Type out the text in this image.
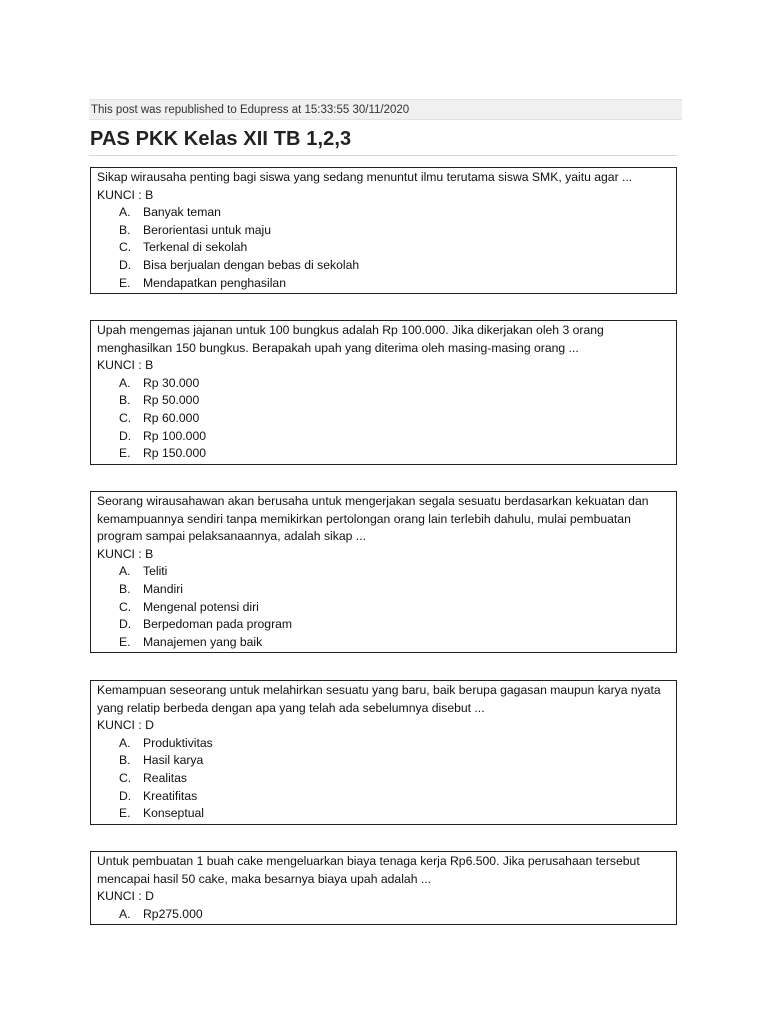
This post was republished to Edupress at 15:33:55 30/11/2020
PAS PKK Kelas XII TB 1,2,3

Sikap wirausaha penting bagi siswa yang sedang menuntut ilmu terutama siswa SMK, yaitu agar ...

KUNCI : B

A.	Banyak teman
B.	Berorientasi untuk maju
C. Terkenal di sekolah
D. Bisa berjualan dengan bebas di sekolah
E.	Mendapatkan penghasilan

Upah mengemas jajanan untuk 100 bungkus adalah Rp 100.000. Jika dikerjakan oleh 3 orang menghasilkan 150 bungkus. Berapakah upah yang diterima oleh masing-masing orang ...

KUNCI : B

A.	Rp 30.000
B.	Rp 50.000
C. Rp 60.000
D. Rp 100.000
E.	Rp 150.000

Seorang wirausahawan akan berusaha untuk mengerjakan segala sesuatu berdasarkan kekuatan dan kemampuannya sendiri tanpa memikirkan pertolongan orang lain terlebih dahulu, mulai pembuatan program sampai pelaksanaannya, adalah sikap ...

KUNCI : B

A.	Teliti
B.	Mandiri
C. Mengenal potensi diri
D. Berpedoman pada program
E.	Manajemen yang baik

Kemampuan seseorang untuk melahirkan sesuatu yang baru, baik berupa gagasan maupun karya nyata yang relatip berbeda dengan apa yang telah ada sebelumnya disebut ...

KUNCI : D

A.	Produktivitas
B.	Hasil karya
C. Realitas
D. Kreatifitas
E.	Konseptual

Untuk pembuatan 1 buah cake mengeluarkan biaya tenaga kerja Rp6.500. Jika perusahaan tersebut mencapai hasil 50 cake, maka besarnya biaya upah adalah ...

KUNCI : D

A.	Rp275.000
